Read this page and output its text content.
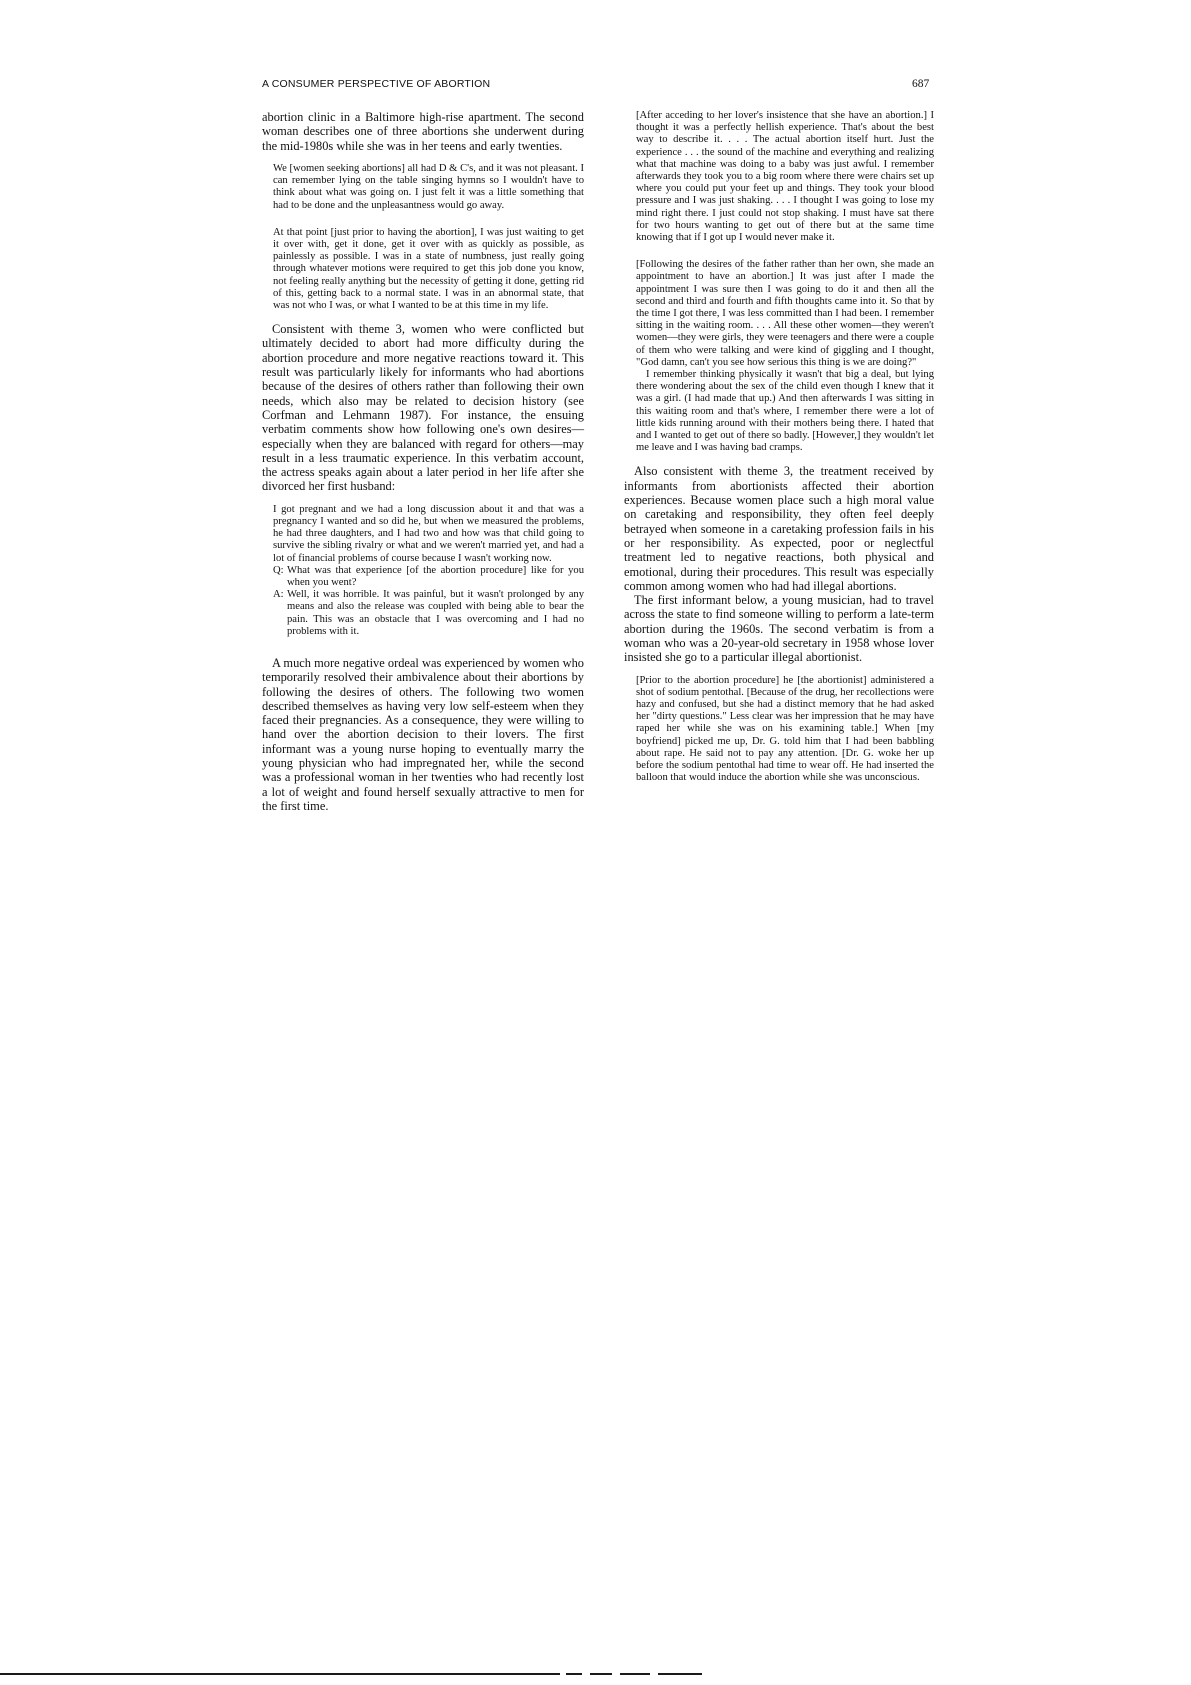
A CONSUMER PERSPECTIVE OF ABORTION	687

abortion clinic in a Baltimore high-rise apartment. The second woman describes one of three abortions she underwent during the mid-1980s while she was in her teens and early twenties.

We [women seeking abortions] all had D & C's, and it was not pleasant. I can remember lying on the table singing hymns so I wouldn't have to think about what was going on. I just felt it was a little something that had to be done and the unpleasantness would go away.

At that point [just prior to having the abortion], I was just waiting to get it over with, get it done, get it over with as quickly as possible, as painlessly as possible. I was in a state of numbness, just really going through whatever motions were required to get this job done you know, not feeling really anything but the necessity of getting it done, getting rid of this, getting back to a normal state. I was in an abnormal state, that was not who I was, or what I wanted to be at this time in my life.

Consistent with theme 3, women who were conflicted but ultimately decided to abort had more difficulty during the abortion procedure and more negative reactions toward it. This result was particularly likely for informants who had abortions because of the desires of others rather than following their own needs, which also may be related to decision history (see Corfman and Lehmann 1987). For instance, the ensuing verbatim comments show how following one's own desires—especially when they are balanced with regard for others—may result in a less traumatic experience. In this verbatim account, the actress speaks again about a later period in her life after she divorced her first husband:

I got pregnant and we had a long discussion about it and that was a pregnancy I wanted and so did he, but when we measured the problems, he had three daughters, and I had two and how was that child going to survive the sibling rivalry or what and we weren't married yet, and had a lot of financial problems of course because I wasn't working now.

Q: What was that experience [of the abortion procedure] like for you when you went?
A: Well, it was horrible. It was painful, but it wasn't prolonged by any means and also the release was coupled with being able to bear the pain. This was an obstacle that I was overcoming and I had no problems with it.

A much more negative ordeal was experienced by women who temporarily resolved their ambivalence about their abortions by following the desires of others. The following two women described themselves as having very low self-esteem when they faced their pregnancies. As a consequence, they were willing to hand over the abortion decision to their lovers. The first informant was a young nurse hoping to eventually marry the young physician who had impregnated her, while the second was a professional woman in her twenties who had recently lost a lot of weight and found herself sexually attractive to men for the first time.

[After acceding to her lover's insistence that she have an abortion.] I thought it was a perfectly hellish experience. That's about the best way to describe it. . . . The actual abortion itself hurt. Just the experience . . . the sound of the machine and everything and realizing what that machine was doing to a baby was just awful. I remember afterwards they took you to a big room where there were chairs set up where you could put your feet up and things. They took your blood pressure and I was just shaking. . . . I thought I was going to lose my mind right there. I just could not stop shaking. I must have sat there for two hours wanting to get out of there but at the same time knowing that if I got up I would never make it.

[Following the desires of the father rather than her own, she made an appointment to have an abortion.] It was just after I made the appointment I was sure then I was going to do it and then all the second and third and fourth and fifth thoughts came into it. So that by the time I got there, I was less committed than I had been. I remember sitting in the waiting room. . . . All these other women—they weren't women—they were girls, they were teenagers and there were a couple of them who were talking and were kind of giggling and I thought, "God damn, can't you see how serious this thing is we are doing?"

I remember thinking physically it wasn't that big a deal, but lying there wondering about the sex of the child even though I knew that it was a girl. (I had made that up.) And then afterwards I was sitting in this waiting room and that's where, I remember there were a lot of little kids running around with their mothers being there. I hated that and I wanted to get out of there so badly. [However,] they wouldn't let me leave and I was having bad cramps.

Also consistent with theme 3, the treatment received by informants from abortionists affected their abortion experiences. Because women place such a high moral value on caretaking and responsibility, they often feel deeply betrayed when someone in a caretaking profession fails in his or her responsibility. As expected, poor or neglectful treatment led to negative reactions, both physical and emotional, during their procedures. This result was especially common among women who had had illegal abortions.

The first informant below, a young musician, had to travel across the state to find someone willing to perform a late-term abortion during the 1960s. The second verbatim is from a woman who was a 20-year-old secretary in 1958 whose lover insisted she go to a particular illegal abortionist.

[Prior to the abortion procedure] he [the abortionist] administered a shot of sodium pentothal. [Because of the drug, her recollections were hazy and confused, but she had a distinct memory that he had asked her "dirty questions." Less clear was her impression that he may have raped her while she was on his examining table.] When [my boyfriend] picked me up, Dr. G. told him that I had been babbling about rape. He said not to pay any attention. [Dr. G. woke her up before the sodium pentothal had time to wear off. He had inserted the balloon that would induce the abortion while she was unconscious.
